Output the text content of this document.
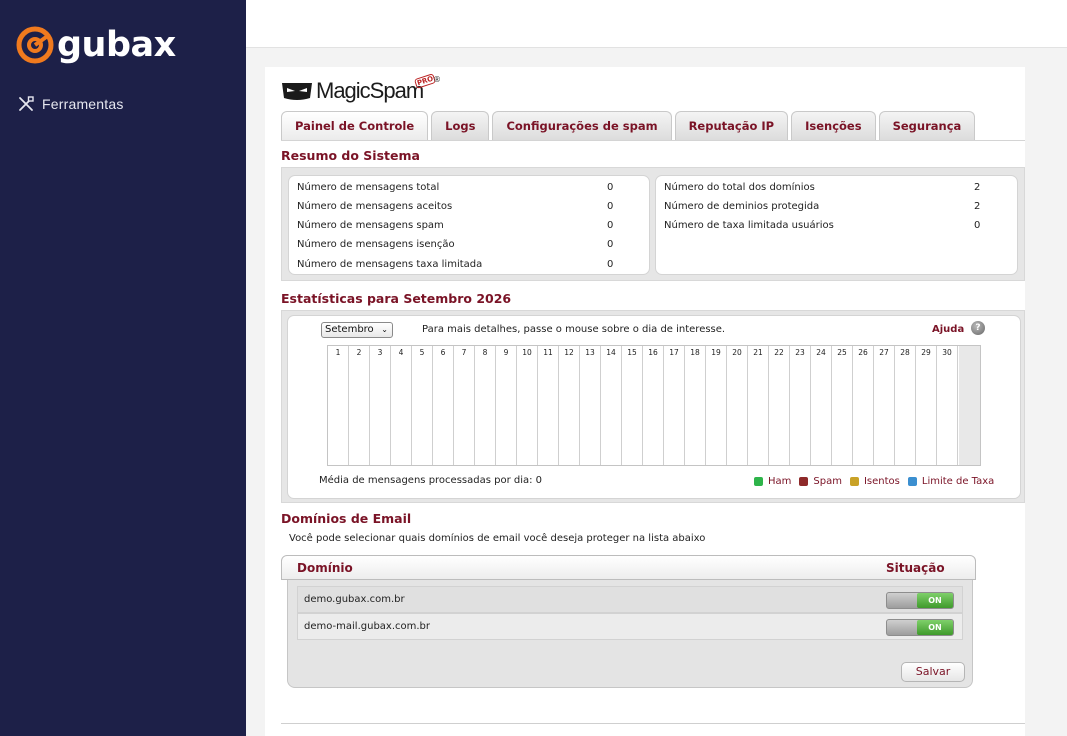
gubax
Ferramentas
MagicSpam
PRO
®
Painel de Controle	Logs	Configurações de spam	Reputação IP	Isenções	Segurança
Resumo do Sistema
Número de mensagens total	0
Número de mensagens aceitos	0
Número de mensagens spam	0
Número de mensagens isenção	0
Número de mensagens taxa limitada	0
Número do total dos domínios	2
Número de deminios protegida	2
Número de taxa limitada usuários	0
Estatísticas para Setembro 2026
Setembro ⌄	Para mais detalhes, passe o mouse sobre o dia de interesse.	Ajuda	?
1	2	3	4	5	6	7	8	9	10	11	12	13	14	15	16	17	18	19	20	21	22	23	24	25	26	27	28	29	30
Média de mensagens processadas por dia: 0	Ham Spam Isentos Limite de Taxa
Domínios de Email
Você pode selecionar quais domínios de email você deseja proteger na lista abaixo
Domínio	Situação
demo.gubax.com.br	ON
demo-mail.gubax.com.br	ON
Salvar
